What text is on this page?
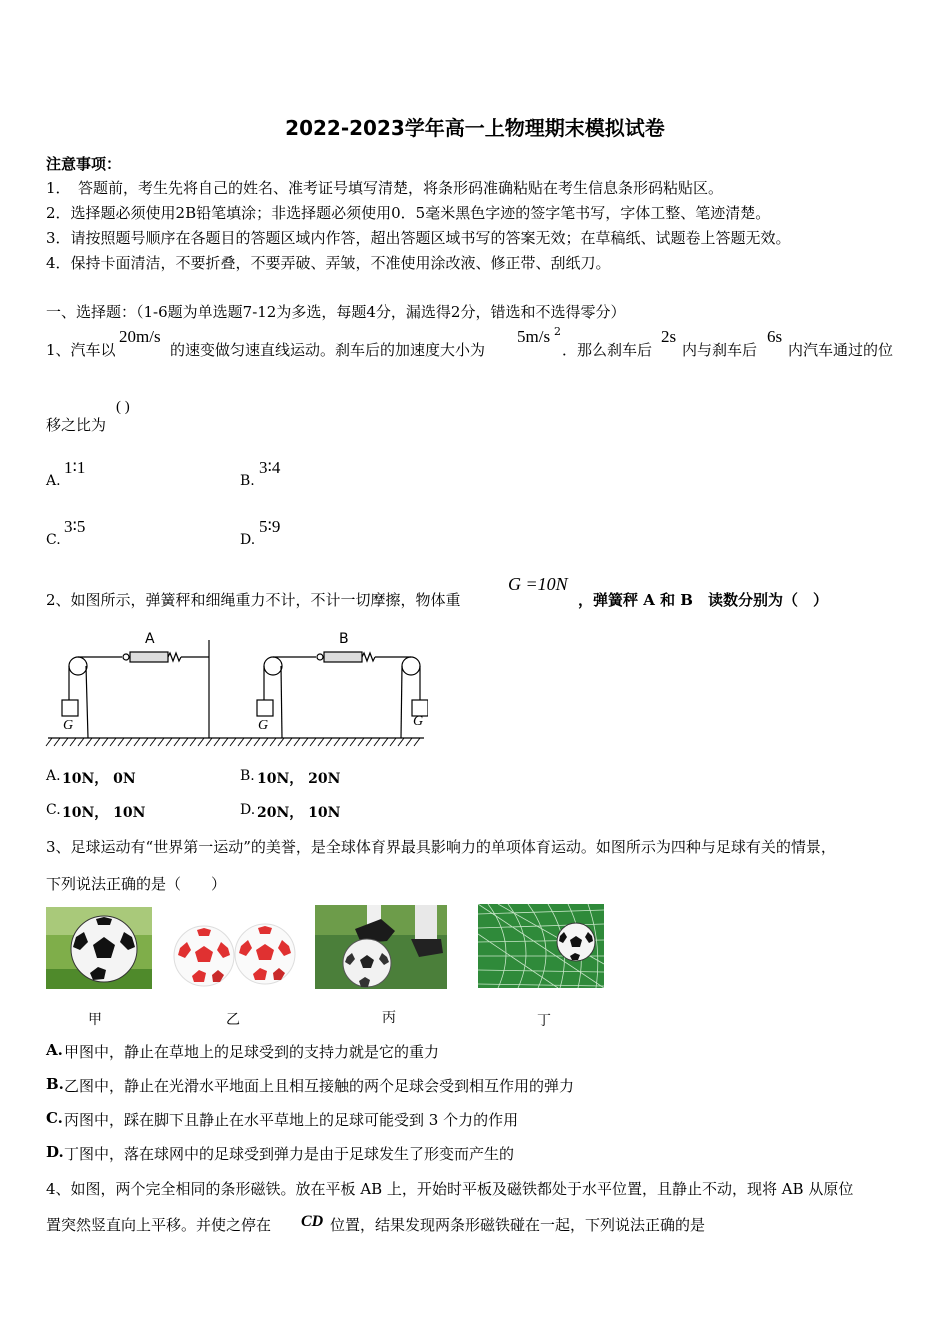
2022-2023学年高一上物理期末模拟试卷
注意事项：
1．　答题前，考生先将自己的姓名、准考证号填写清楚，将条形码准确粘贴在考生信息条形码粘贴区。
2．选择题必须使用2B铅笔填涂；非选择题必须使用0．5毫米黑色字迹的签字笔书写，字体工整、笔迹清楚。
3．请按照题号顺序在各题目的答题区域内作答，超出答题区域书写的答案无效；在草稿纸、试题卷上答题无效。
4．保持卡面清洁，不要折叠，不要弄破、弄皱，不准使用涂改液、修正带、刮纸刀。
一、选择题：（1-6题为单选题7-12为多选，每题4分，漏选得2分，错选和不选得零分）
1、汽车以
20m/s
的速变做匀速直线运动。刹车后的加速度大小为
5m/s 2
．那么刹车后
2s
内与刹车后
6s
内汽车通过的位
移之比为
( )
A.
1∶1
B.
3∶4
C.
3∶5
D.
5∶9
2、如图所示，弹簧秤和细绳重力不计，不计一切摩擦，物体重
G =10N
，弹簧秤 A 和 B　读数分别为（　）
A	B
G	G	G
A. 10N， 0N	B. 10N， 20N
C. 10N， 10N	D. 20N， 10N
3、足球运动有“世界第一运动”的美誉，是全球体育界最具影响力的单项体育运动。如图所示为四种与足球有关的情景，
下列说法正确的是（　　）
甲	乙	丙	丁
A. 甲图中，静止在草地上的足球受到的支持力就是它的重力
B. 乙图中，静止在光滑水平地面上且相互接触的两个足球会受到相互作用的弹力
C. 丙图中，踩在脚下且静止在水平草地上的足球可能受到 3 个力的作用
D. 丁图中，落在球网中的足球受到弹力是由于足球发生了形变而产生的
4、如图，两个完全相同的条形磁铁。放在平板 AB 上，开始时平板及磁铁都处于水平位置，且静止不动，现将 AB 从原位
置突然竖直向上平移。并使之停在 CD 位置，结果发现两条形磁铁碰在一起，下列说法正确的是
